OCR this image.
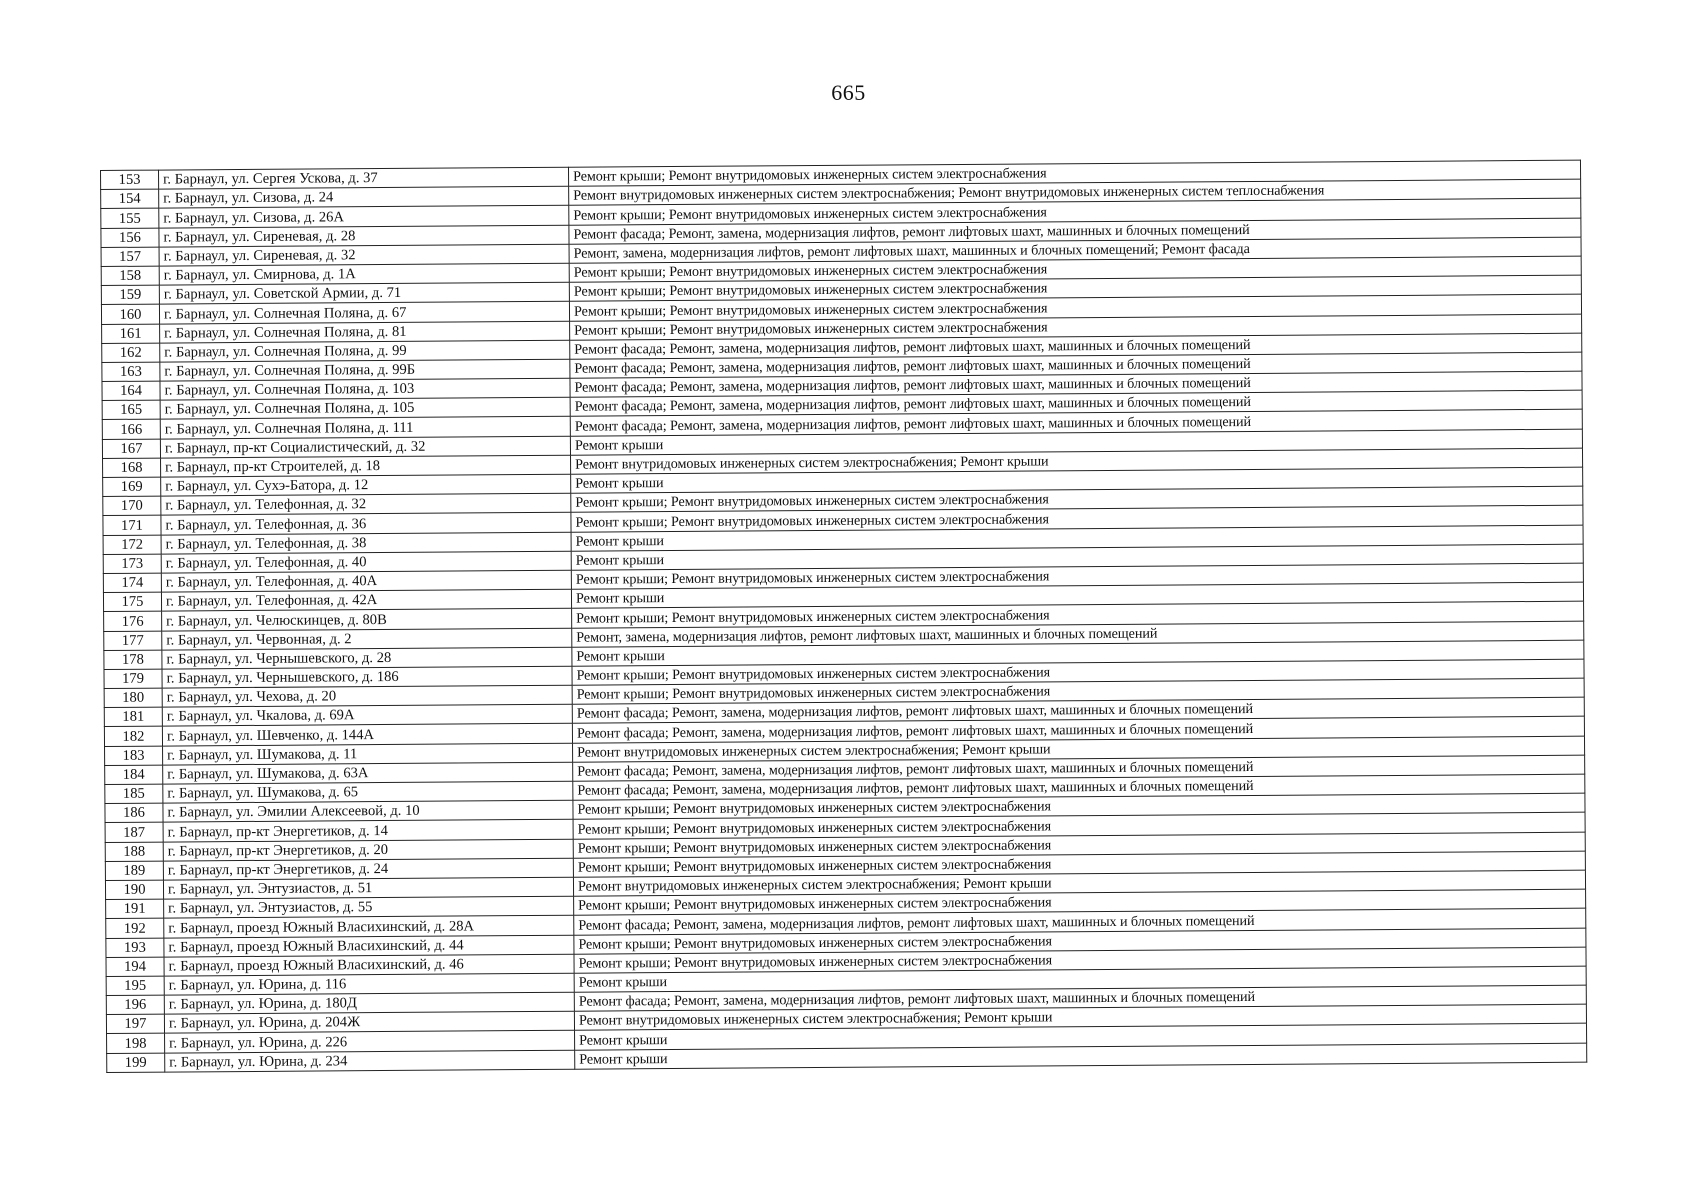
665
153	г. Барнаул, ул. Сергея Ускова, д. 37	Ремонт крыши; Ремонт внутридомовых инженерных систем электроснабжения
154	г. Барнаул, ул. Сизова, д. 24	Ремонт внутридомовых инженерных систем электроснабжения; Ремонт внутридомовых инженерных систем теплоснабжения
155	г. Барнаул, ул. Сизова, д. 26А	Ремонт крыши; Ремонт внутридомовых инженерных систем электроснабжения
156	г. Барнаул, ул. Сиреневая, д. 28	Ремонт фасада; Ремонт, замена, модернизация лифтов, ремонт лифтовых шахт, машинных и блочных помещений
157	г. Барнаул, ул. Сиреневая, д. 32	Ремонт, замена, модернизация лифтов, ремонт лифтовых шахт, машинных и блочных помещений; Ремонт фасада
158	г. Барнаул, ул. Смирнова, д. 1А	Ремонт крыши; Ремонт внутридомовых инженерных систем электроснабжения
159	г. Барнаул, ул. Советской Армии, д. 71	Ремонт крыши; Ремонт внутридомовых инженерных систем электроснабжения
160	г. Барнаул, ул. Солнечная Поляна, д. 67	Ремонт крыши; Ремонт внутридомовых инженерных систем электроснабжения
161	г. Барнаул, ул. Солнечная Поляна, д. 81	Ремонт крыши; Ремонт внутридомовых инженерных систем электроснабжения
162	г. Барнаул, ул. Солнечная Поляна, д. 99	Ремонт фасада; Ремонт, замена, модернизация лифтов, ремонт лифтовых шахт, машинных и блочных помещений
163	г. Барнаул, ул. Солнечная Поляна, д. 99Б	Ремонт фасада; Ремонт, замена, модернизация лифтов, ремонт лифтовых шахт, машинных и блочных помещений
164	г. Барнаул, ул. Солнечная Поляна, д. 103	Ремонт фасада; Ремонт, замена, модернизация лифтов, ремонт лифтовых шахт, машинных и блочных помещений
165	г. Барнаул, ул. Солнечная Поляна, д. 105	Ремонт фасада; Ремонт, замена, модернизация лифтов, ремонт лифтовых шахт, машинных и блочных помещений
166	г. Барнаул, ул. Солнечная Поляна, д. 111	Ремонт фасада; Ремонт, замена, модернизация лифтов, ремонт лифтовых шахт, машинных и блочных помещений
167	г. Барнаул, пр-кт Социалистический, д. 32	Ремонт крыши
168	г. Барнаул, пр-кт Строителей, д. 18	Ремонт внутридомовых инженерных систем электроснабжения; Ремонт крыши
169	г. Барнаул, ул. Сухэ-Батора, д. 12	Ремонт крыши
170	г. Барнаул, ул. Телефонная, д. 32	Ремонт крыши; Ремонт внутридомовых инженерных систем электроснабжения
171	г. Барнаул, ул. Телефонная, д. 36	Ремонт крыши; Ремонт внутридомовых инженерных систем электроснабжения
172	г. Барнаул, ул. Телефонная, д. 38	Ремонт крыши
173	г. Барнаул, ул. Телефонная, д. 40	Ремонт крыши
174	г. Барнаул, ул. Телефонная, д. 40А	Ремонт крыши; Ремонт внутридомовых инженерных систем электроснабжения
175	г. Барнаул, ул. Телефонная, д. 42А	Ремонт крыши
176	г. Барнаул, ул. Челюскинцев, д. 80В	Ремонт крыши; Ремонт внутридомовых инженерных систем электроснабжения
177	г. Барнаул, ул. Червонная, д. 2	Ремонт, замена, модернизация лифтов, ремонт лифтовых шахт, машинных и блочных помещений
178	г. Барнаул, ул. Чернышевского, д. 28	Ремонт крыши
179	г. Барнаул, ул. Чернышевского, д. 186	Ремонт крыши; Ремонт внутридомовых инженерных систем электроснабжения
180	г. Барнаул, ул. Чехова, д. 20	Ремонт крыши; Ремонт внутридомовых инженерных систем электроснабжения
181	г. Барнаул, ул. Чкалова, д. 69А	Ремонт фасада; Ремонт, замена, модернизация лифтов, ремонт лифтовых шахт, машинных и блочных помещений
182	г. Барнаул, ул. Шевченко, д. 144А	Ремонт фасада; Ремонт, замена, модернизация лифтов, ремонт лифтовых шахт, машинных и блочных помещений
183	г. Барнаул, ул. Шумакова, д. 11	Ремонт внутридомовых инженерных систем электроснабжения; Ремонт крыши
184	г. Барнаул, ул. Шумакова, д. 63А	Ремонт фасада; Ремонт, замена, модернизация лифтов, ремонт лифтовых шахт, машинных и блочных помещений
185	г. Барнаул, ул. Шумакова, д. 65	Ремонт фасада; Ремонт, замена, модернизация лифтов, ремонт лифтовых шахт, машинных и блочных помещений
186	г. Барнаул, ул. Эмилии Алексеевой, д. 10	Ремонт крыши; Ремонт внутридомовых инженерных систем электроснабжения
187	г. Барнаул, пр-кт Энергетиков, д. 14	Ремонт крыши; Ремонт внутридомовых инженерных систем электроснабжения
188	г. Барнаул, пр-кт Энергетиков, д. 20	Ремонт крыши; Ремонт внутридомовых инженерных систем электроснабжения
189	г. Барнаул, пр-кт Энергетиков, д. 24	Ремонт крыши; Ремонт внутридомовых инженерных систем электроснабжения
190	г. Барнаул, ул. Энтузиастов, д. 51	Ремонт внутридомовых инженерных систем электроснабжения; Ремонт крыши
191	г. Барнаул, ул. Энтузиастов, д. 55	Ремонт крыши; Ремонт внутридомовых инженерных систем электроснабжения
192	г. Барнаул, проезд Южный Власихинский, д. 28А	Ремонт фасада; Ремонт, замена, модернизация лифтов, ремонт лифтовых шахт, машинных и блочных помещений
193	г. Барнаул, проезд Южный Власихинский, д. 44	Ремонт крыши; Ремонт внутридомовых инженерных систем электроснабжения
194	г. Барнаул, проезд Южный Власихинский, д. 46	Ремонт крыши; Ремонт внутридомовых инженерных систем электроснабжения
195	г. Барнаул, ул. Юрина, д. 116	Ремонт крыши
196	г. Барнаул, ул. Юрина, д. 180Д	Ремонт фасада; Ремонт, замена, модернизация лифтов, ремонт лифтовых шахт, машинных и блочных помещений
197	г. Барнаул, ул. Юрина, д. 204Ж	Ремонт внутридомовых инженерных систем электроснабжения; Ремонт крыши
198	г. Барнаул, ул. Юрина, д. 226	Ремонт крыши
199	г. Барнаул, ул. Юрина, д. 234	Ремонт крыши
